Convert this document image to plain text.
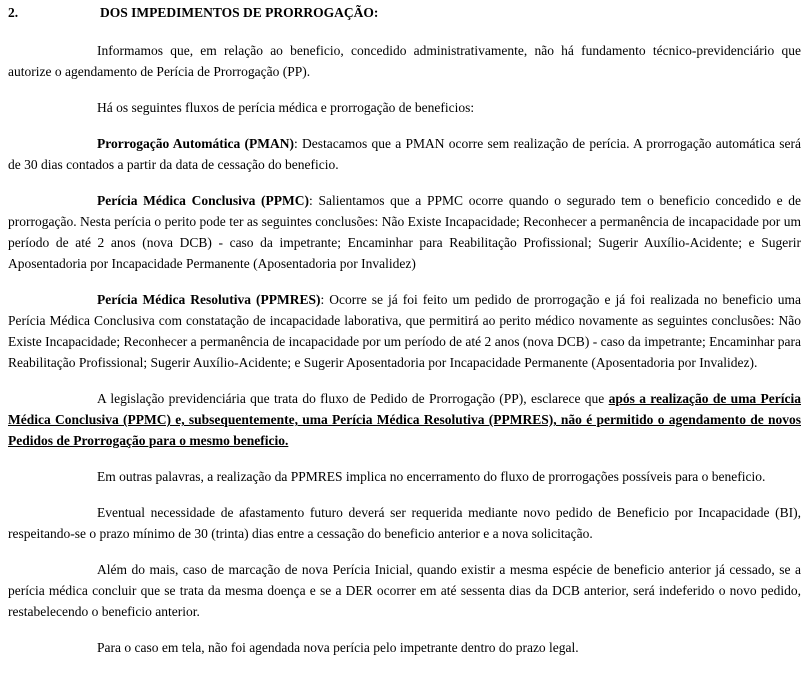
2.	DOS IMPEDIMENTOS DE PRORROGAÇÃO:

Informamos que, em relação ao beneficio, concedido administrativamente, não há fundamento técnico-previdenciário que autorize o agendamento de Perícia de Prorrogação (PP).

Há os seguintes fluxos de perícia médica e prorrogação de beneficios:

Prorrogação Automática (PMAN): Destacamos que a PMAN ocorre sem realização de perícia. A prorrogação automática será de 30 dias contados a partir da data de cessação do beneficio.

Perícia Médica Conclusiva (PPMC): Salientamos que a PPMC ocorre quando o segurado tem o beneficio concedido e de prorrogação. Nesta perícia o perito pode ter as seguintes conclusões: Não Existe Incapacidade; Reconhecer a permanência de incapacidade por um período de até 2 anos (nova DCB) - caso da impetrante; Encaminhar para Reabilitação Profissional; Sugerir Auxílio-Acidente; e Sugerir Aposentadoria por Incapacidade Permanente (Aposentadoria por Invalidez)

Perícia Médica Resolutiva (PPMRES): Ocorre se já foi feito um pedido de prorrogação e já foi realizada no beneficio uma Perícia Médica Conclusiva com constatação de incapacidade laborativa, que permitirá ao perito médico novamente as seguintes conclusões: Não Existe Incapacidade; Reconhecer a permanência de incapacidade por um período de até 2 anos (nova DCB) - caso da impetrante; Encaminhar para Reabilitação Profissional; Sugerir Auxílio-Acidente; e Sugerir Aposentadoria por Incapacidade Permanente (Aposentadoria por Invalidez).

A legislação previdenciária que trata do fluxo de Pedido de Prorrogação (PP), esclarece que após a realização de uma Perícia Médica Conclusiva (PPMC) e, subsequentemente, uma Perícia Médica Resolutiva (PPMRES), não é permitido o agendamento de novos Pedidos de Prorrogação para o mesmo beneficio.

Em outras palavras, a realização da PPMRES implica no encerramento do fluxo de prorrogações possíveis para o beneficio.

Eventual necessidade de afastamento futuro deverá ser requerida mediante novo pedido de Beneficio por Incapacidade (BI), respeitando-se o prazo mínimo de 30 (trinta) dias entre a cessação do beneficio anterior e a nova solicitação.

Além do mais, caso de marcação de nova Perícia Inicial, quando existir a mesma espécie de beneficio anterior já cessado, se a perícia médica concluir que se trata da mesma doença e se a DER ocorrer em até sessenta dias da DCB anterior, será indeferido o novo pedido, restabelecendo o beneficio anterior.

Para o caso em tela, não foi agendada nova perícia pelo impetrante dentro do prazo legal.
